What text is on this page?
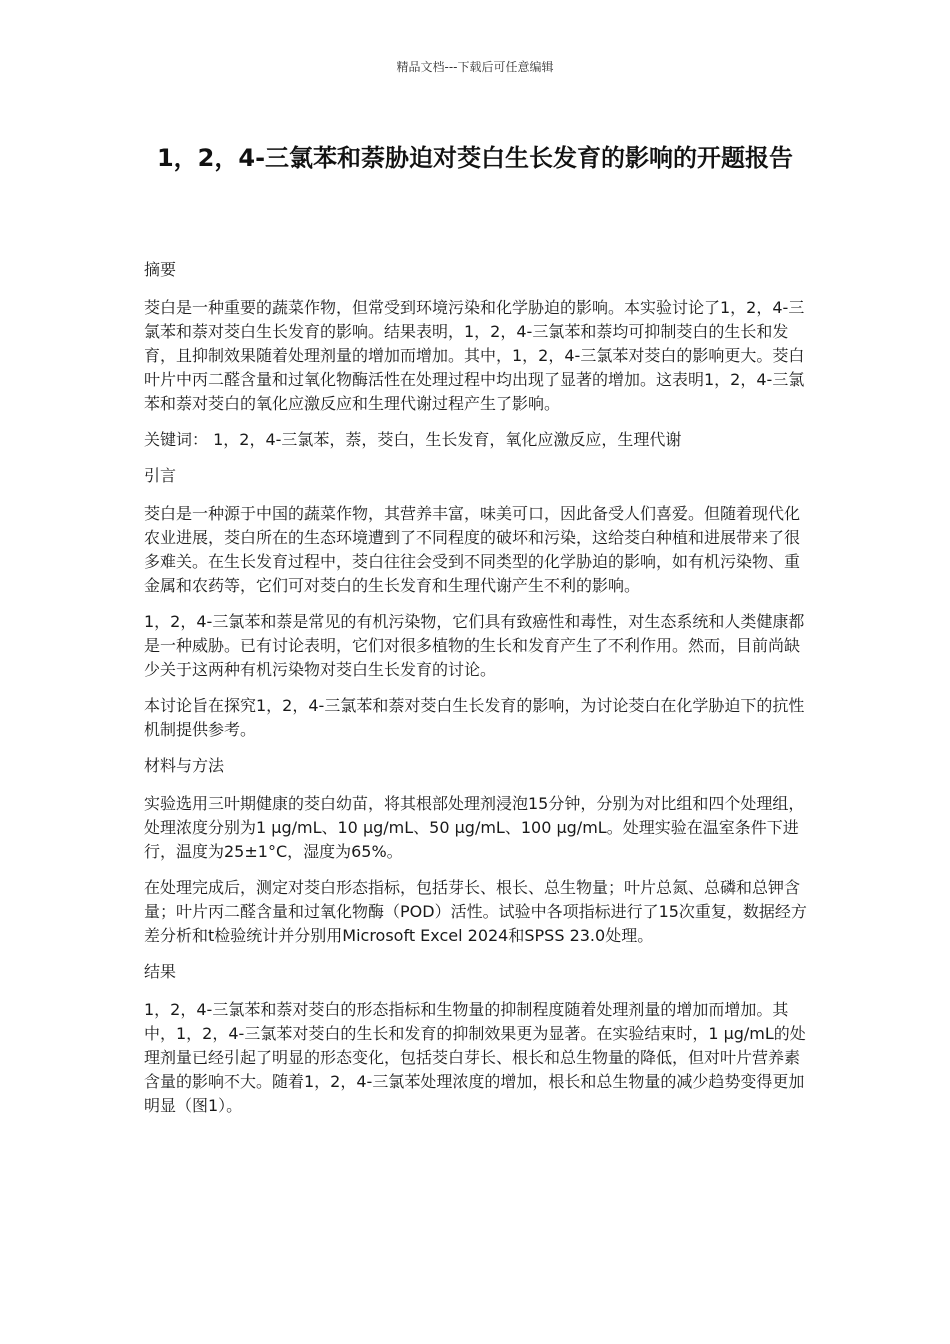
精品文档---下载后可任意编辑
1，2，4-三氯苯和萘胁迫对茭白生长发育的影响的开题报告

摘要

茭白是一种重要的蔬菜作物，但常受到环境污染和化学胁迫的影响。本实验讨论了1，2，4-三氯苯和萘对茭白生长发育的影响。结果表明，1，2，4-三氯苯和萘均可抑制茭白的生长和发育，且抑制效果随着处理剂量的增加而增加。其中，1，2，4-三氯苯对茭白的影响更大。茭白叶片中丙二醛含量和过氧化物酶活性在处理过程中均出现了显著的增加。这表明1，2，4-三氯苯和萘对茭白的氧化应激反应和生理代谢过程产生了影响。

关键词： 1，2，4-三氯苯，萘，茭白，生长发育，氧化应激反应，生理代谢

引言

茭白是一种源于中国的蔬菜作物，其营养丰富，味美可口，因此备受人们喜爱。但随着现代化农业进展，茭白所在的生态环境遭到了不同程度的破坏和污染，这给茭白种植和进展带来了很多难关。在生长发育过程中，茭白往往会受到不同类型的化学胁迫的影响，如有机污染物、重金属和农药等，它们可对茭白的生长发育和生理代谢产生不利的影响。

1，2，4-三氯苯和萘是常见的有机污染物，它们具有致癌性和毒性，对生态系统和人类健康都是一种威胁。已有讨论表明，它们对很多植物的生长和发育产生了不利作用。然而，目前尚缺少关于这两种有机污染物对茭白生长发育的讨论。

本讨论旨在探究1，2，4-三氯苯和萘对茭白生长发育的影响，为讨论茭白在化学胁迫下的抗性机制提供参考。

材料与方法

实验选用三叶期健康的茭白幼苗，将其根部处理剂浸泡15分钟，分别为对比组和四个处理组，处理浓度分别为1 μg/mL、10 μg/mL、50 μg/mL、100 μg/mL。处理实验在温室条件下进行，温度为25±1°C，湿度为65%。

在处理完成后，测定对茭白形态指标，包括芽长、根长、总生物量；叶片总氮、总磷和总钾含量；叶片丙二醛含量和过氧化物酶（POD）活性。试验中各项指标进行了15次重复，数据经方差分析和t检验统计并分别用Microsoft Excel 2024和SPSS 23.0处理。

结果

1，2，4-三氯苯和萘对茭白的形态指标和生物量的抑制程度随着处理剂量的增加而增加。其中，1，2，4-三氯苯对茭白的生长和发育的抑制效果更为显著。在实验结束时，1 μg/mL的处理剂量已经引起了明显的形态变化，包括茭白芽长、根长和总生物量的降低，但对叶片营养素含量的影响不大。随着1，2，4-三氯苯处理浓度的增加，根长和总生物量的减少趋势变得更加明显（图1）。
